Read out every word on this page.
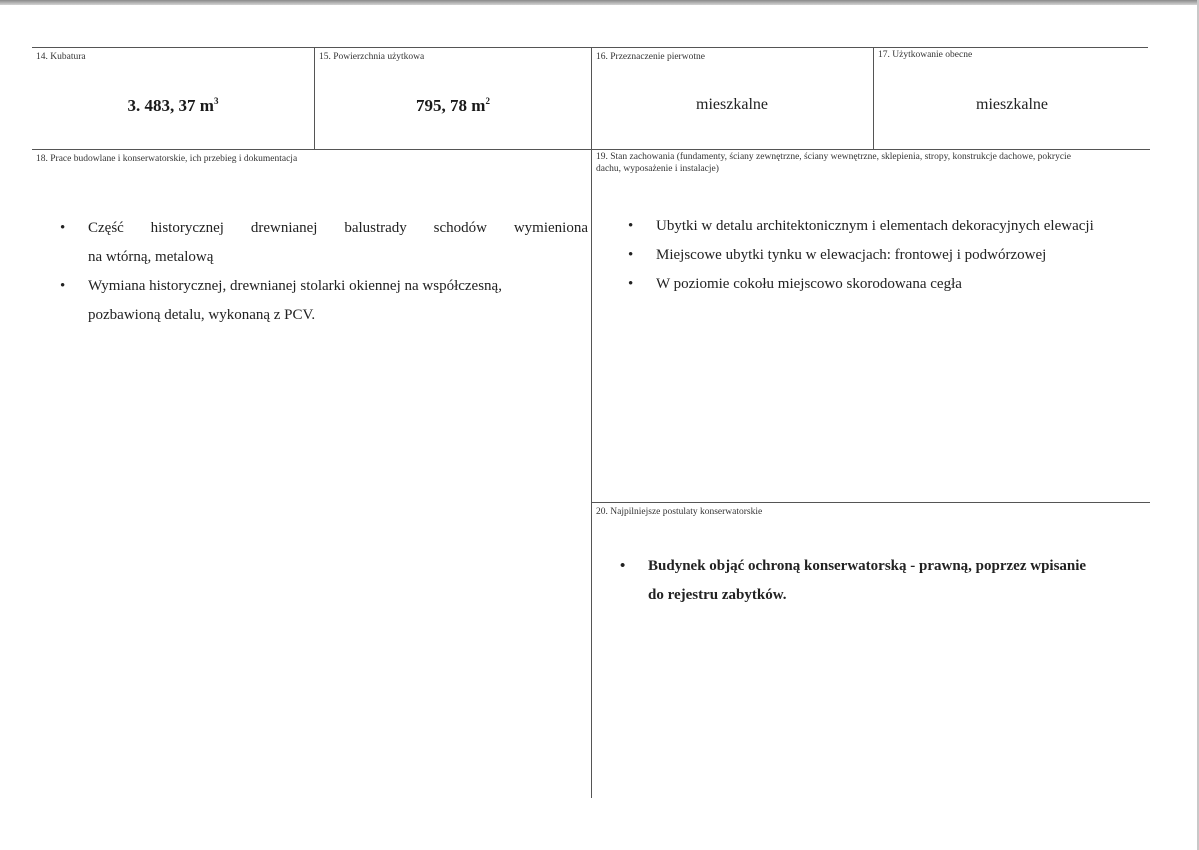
14. Kubatura
3. 483, 37 $m^3$
15. Powierzchnia użytkowa
795, 78 $m^2$
16. Przeznaczenie pierwotne
mieszkalne
17. Użytkowanie obecne
mieszkalne
18. Prace budowlane i konserwatorskie, ich przebieg i dokumentacja
• Część historycznej drewnianej balustrady schodów wymieniona
na wtórną, metalową
• Wymiana historycznej, drewnianej stolarki okiennej na współczesną,
pozbawioną detalu, wykonaną z PCV.
19. Stan zachowania (fundamenty, ściany zewnętrzne, ściany wewnętrzne, sklepienia, stropy, konstrukcje dachowe, pokrycie
dachu, wyposażenie i instalacje)
• Ubytki w detalu architektonicznym i elementach dekoracyjnych elewacji
• Miejscowe ubytki tynku w elewacjach: frontowej i podwórzowej
• W poziomie cokołu miejscowo skorodowana cegła
20. Najpilniejsze postulaty konserwatorskie
• Budynek objąć ochroną konserwatorską - prawną, poprzez wpisanie
do rejestru zabytków.
